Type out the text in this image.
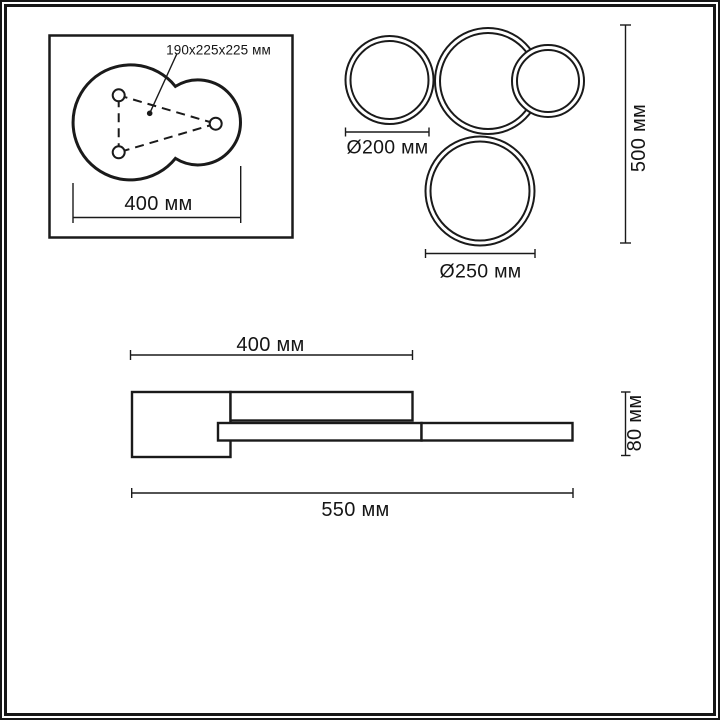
190x225x225 мм
400 мм
Ø200 мм
Ø250 мм
500 мм
400 мм
80 мм
550 мм
